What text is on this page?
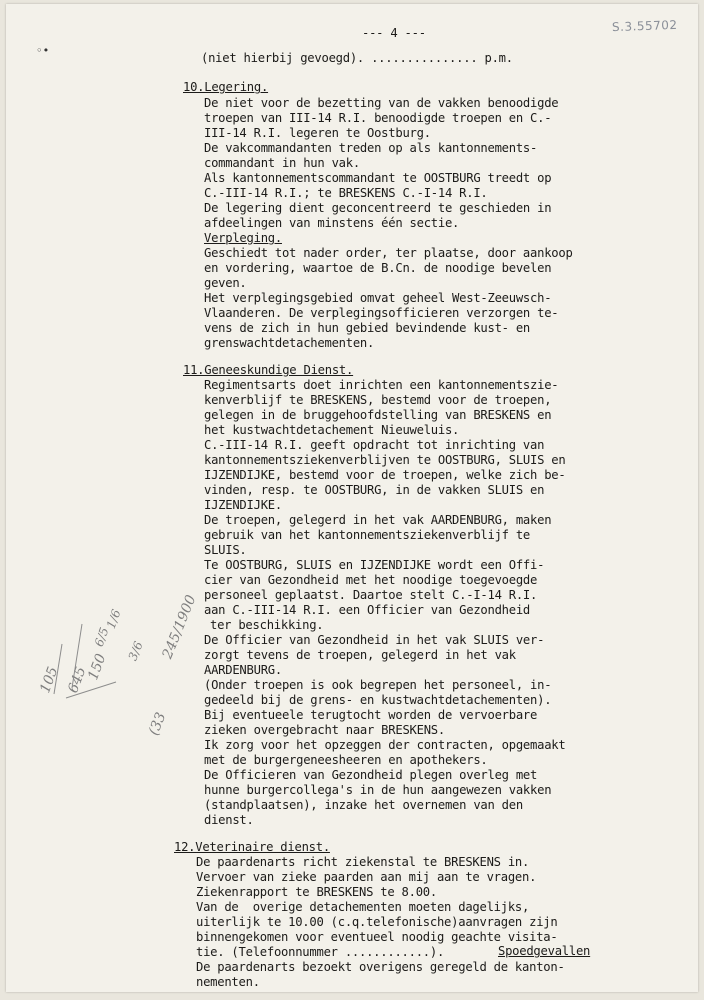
S.3.55702
◦•
--- 4 ---
(niet hierbij gevoegd). ............... p.m.
10.Legering.
De niet voor de bezetting van de vakken benoodigde
troepen van III-14 R.I. benoodigde troepen en C.-
III-14 R.I. legeren te Oostburg.
De vakcommandanten treden op als kantonnements-
commandant in hun vak.
Als kantonnementscommandant te OOSTBURG treedt op
C.-III-14 R.I.; te BRESKENS C.-I-14 R.I.
De legering dient geconcentreerd te geschieden in
afdeelingen van minstens één sectie.
Verpleging.
Geschiedt tot nader order, ter plaatse, door aankoop
en vordering, waartoe de B.Cn. de noodige bevelen
geven.
Het verplegingsgebied omvat geheel West-Zeeuwsch-
Vlaanderen. De verplegingsofficieren verzorgen te-
vens de zich in hun gebied bevindende kust- en
grenswachtdetachementen.
11.Geneeskundige Dienst.
Regimentsarts doet inrichten een kantonnementszie-
kenverblijf te BRESKENS, bestemd voor de troepen,
gelegen in de bruggehoofdstelling van BRESKENS en
het kustwachtdetachement Nieuweluis.
C.-III-14 R.I. geeft opdracht tot inrichting van
kantonnementsziekenverblijven te OOSTBURG, SLUIS en
IJZENDIJKE, bestemd voor de troepen, welke zich be-
vinden, resp. te OOSTBURG, in de vakken SLUIS en
IJZENDIJKE.
De troepen, gelegerd in het vak AARDENBURG, maken
gebruik van het kantonnementsziekenverblijf te
SLUIS.
Te OOSTBURG, SLUIS en IJZENDIJKE wordt een Offi-
cier van Gezondheid met het noodige toegevoegde
personeel geplaatst. Daartoe stelt C.-I-14 R.I.
aan C.-III-14 R.I. een Officier van Gezondheid
ter beschikking.
De Officier van Gezondheid in het vak SLUIS ver-
zorgt tevens de troepen, gelegerd in het vak
AARDENBURG.
(Onder troepen is ook begrepen het personeel, in-
gedeeld bij de grens- en kustwachtdetachementen).
Bij eventueele terugtocht worden de vervoerbare
zieken overgebracht naar BRESKENS.
Ik zorg voor het opzeggen der contracten, opgemaakt
met de burgergeneesheeren en apothekers.
De Officieren van Gezondheid plegen overleg met
hunne burgercollega's in de hun aangewezen vakken
(standplaatsen), inzake het overnemen van den
dienst.
12.Veterinaire dienst.
De paardenarts richt ziekenstal te BRESKENS in.
Vervoer van zieke paarden aan mij aan te vragen.
Ziekenrapport te BRESKENS te 8.00.
Van de  overige detachementen moeten dagelijks,
uiterlijk te 10.00 (c.q.telefonische)aanvragen zijn
binnengekomen voor eventueel noodig geachte visita-
tie. (Telefoonnummer ............).
De paardenarts bezoekt overigens geregeld de kanton-
nementen.
245/1900
3/6
1/6
6/5
150
645
105
(33
Spoedgevallen
